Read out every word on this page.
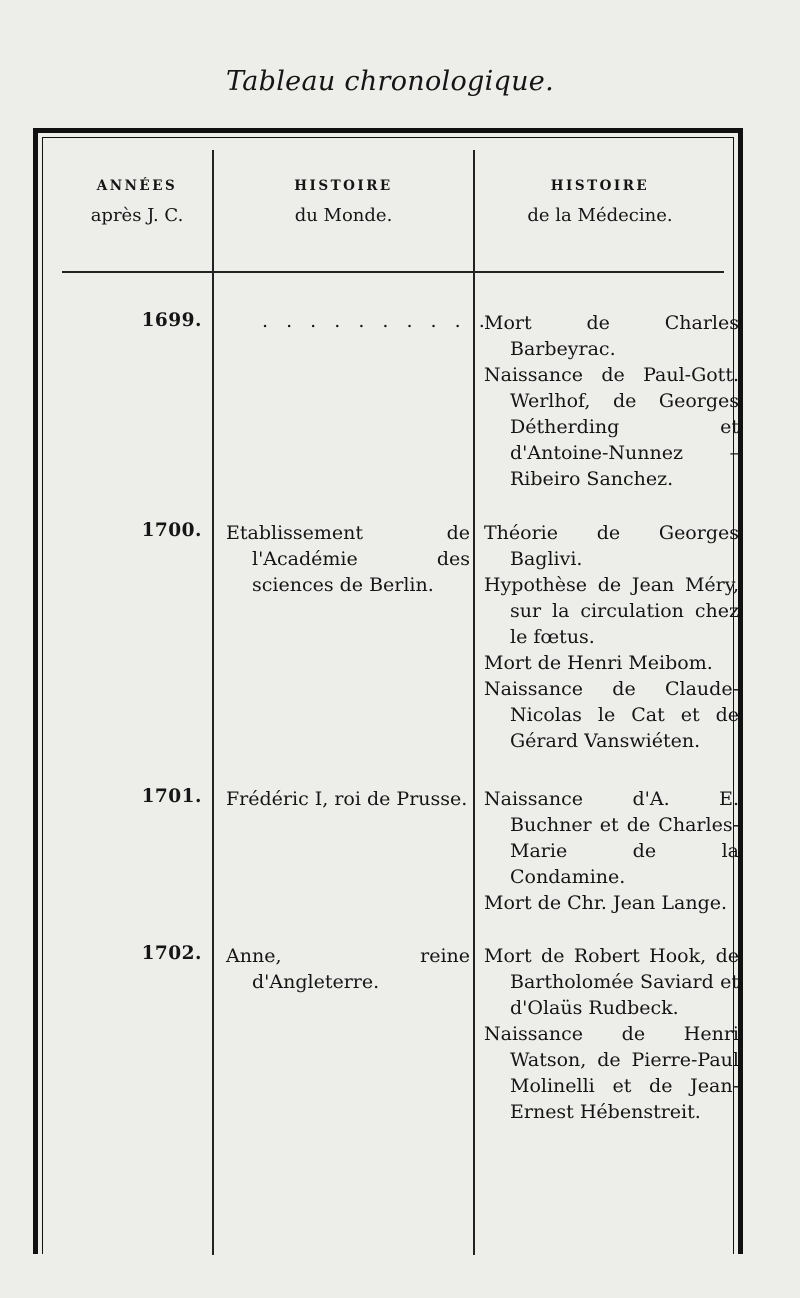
Tableau chronologique.
ANNÉES
après J. C.
HISTOIRE
du Monde.
HISTOIRE
de la Médecine.
1699.	. . . . . . . . . . .
Mort de Charles Barbeyrac.
Naissance de Paul-Gott. Werlhof, de Georges Détherding et d'Antoine-Nunnez – Ribeiro Sanchez.
1700. Etablissement de l'Académie des sciences de Berlin.
Théorie de Georges Baglivi.
Hypothèse de Jean Méry, sur la circulation chez le fœtus.
Mort de Henri Meibom.
Naissance de Claude-Nicolas le Cat et de Gérard Vanswiéten.
1701. Frédéric I, roi de Prusse. Naissance d'A. E. Buchner et de Charles-Marie de la Condamine.
Mort de Chr. Jean Lange.
1702. Anne, reine d'Angleterre.
Mort de Robert Hook, de Bartholomée Saviard et d'Olaüs Rudbeck.
Naissance de Henri Watson, de Pierre-Paul Molinelli et de Jean-Ernest Hébenstreit.
